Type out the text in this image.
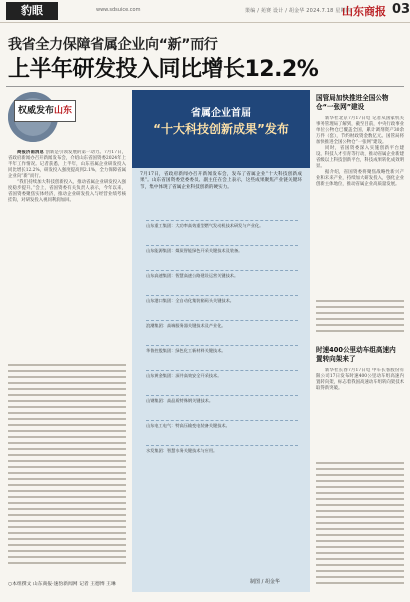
豹眼	www.sdsuice.com	策编 / 苑赛 设计 / 胡金华 2024.7.18 星期四
山东商报 03
我省全力保障省属企业向“新”而行
上半年研发投入同比增长12.2%
权威发布山东

商报济南消息 创新是引领发展的第一动力。7月17日，省政府新闻办召开新闻发布会，介绍山东省国资委2024年上半年工作情况。记者获悉，上半年，山东省属企业研发投入同比增长12.2%，研发投入强度提高到2.1%，全力保障省属企业向“新”而行。

“我们持续加大科技创新投入，推动省属企业研发投入强度稳步提升。”会上，省国资委有关负责人表示，今年以来，省国资委聚焦实体经济，推动企业研发投入与经营业绩考核挂钩，对研发投入视同利润加回。

○本组撰文 山东商报·速豹新闻网 记者 王德博 王琳
省属企业首届
“十大科技创新成果”发布
7月17日，省政府新闻办召开新闻发布会，发布了省属企业“十大科技创新成果”。山东省国资委党委委员、副主任在会上表示，这些成果聚焦产业链关键环节，集中体现了省属企业科技创新的硬实力。
山东重工集团：大功率高效重型燃气发动机技术研发与产业化。
山东能源集团：煤炭智能绿色开采关键技术及装备。
山东高速集团：智慧高速公路建设运营关键技术。
山东港口集团：全自动化集装箱码头关键技术。
浪潮集团：高端服务器关键技术及产业化。
华鲁控股集团：绿色化工新材料关键技术。
山东黄金集团：深井高效安全开采技术。
山钢集团：高品质特殊钢关键技术。
山东电工电气：特高压输变电装备关键技术。
水发集团：智慧水务关键技术与应用。
制图 / 胡金华
国管局加快推进全国公物仓“一张网”建设

新华社北京7月17日电 记者从国家机关事务管理局了解到，截至目前，中央行政事业单位公物仓已覆盖全国，累计调剂资产30余万件（套），节约财政资金数亿元。国管局将加快推进全国公物仓“一张网”建设。

同时，省国资委深入实施创新平台建设、科技人才引育等行动，推动省属企业新建省级以上科技创新平台，科技成果转化成效明显。

据介绍，省国资委将聚焦战略性新兴产业和未来产业，持续加大研发投入，强化企业创新主体地位，推动省属企业高质量发展。

时速400公里动车组高速内置转向架来了

新华社长春7月17日电 中车长客股份有限公司17日发布时速400公里动车组高速内置转向架，标志着我国高速动车组转向架技术取得新突破。
